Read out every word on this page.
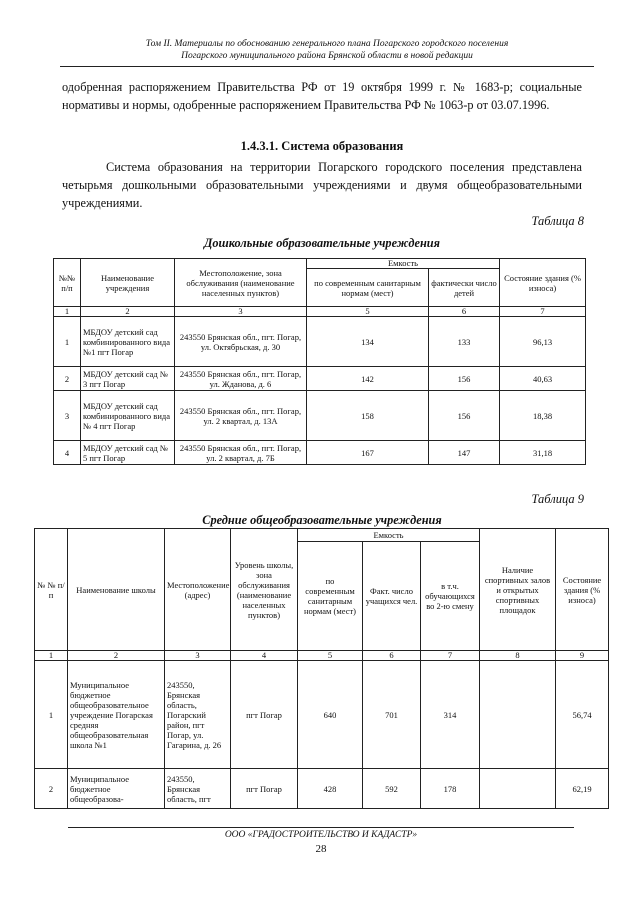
Том II. Материалы по обоснованию генерального плана Погарского городского поселения
Погарского муниципального района Брянской области в новой редакции
одобренная распоряжением Правительства РФ от 19 октября 1999 г. № 1683-р; социальные нормативы и нормы, одобренные распоряжением Правительства РФ № 1063-р от 03.07.1996.
1.4.3.1. Система образования
Система образования на территории Погарского городского поселения представлена четырьмя дошкольными образовательными учреждениями и двумя общеобразовательными учреждениями.
Таблица 8
Дошкольные образовательные учреждения
№№ п/п	Наименование учреждения	Местоположение, зона обслуживания (наименование населенных пунктов)	Емкость		Состояние здания (% износа)
			по современным санитарным нормам (мест)	фактически число детей	
1	2	3	5	6	7
1	МБДОУ детский сад комбинированного вида №1 пгт Погар	243550 Брянская обл., пгт. Погар, ул. Октябрьская, д. 30	134	133	96,13
2	МБДОУ детский сад № 3 пгт Погар	243550 Брянская обл., пгт. Погар, ул. Жданова, д. 6	142	156	40,63
3	МБДОУ детский сад комбинированного вида № 4 пгт Погар	243550 Брянская обл., пгт. Погар, ул. 2 квартал, д. 13А	158	156	18,38
4	МБДОУ детский сад № 5 пгт Погар	243550 Брянская обл., пгт. Погар, ул. 2 квартал, д. 7Б	167	147	31,18
Таблица 9
Средние общеобразовательные учреждения
№ № п/п	Наименование школы	Местоположение (адрес)	Уровень школы, зона обслуживания (наименование населенных пунктов)	Емкость			Наличие спортивных залов и открытых спортивных площадок	Состояние здания (% износа)
				по современным санитарным нормам (мест)	Факт. число учащихся чел.	в т.ч. обучающихся во 2-ю смену		
1	2	3	4	5	6	7	8	9
1	Муниципальное бюджетное общеобразовательное учреждение Погарская средняя общеобразовательная школа №1	243550, Брянская область, Погарский район, пгт Погар, ул. Гагарина, д. 26	пгт Погар	640	701	314		56,74
2	Муниципальное бюджетное общеобразова-	243550, Брянская область, пгт	пгт Погар	428	592	178		62,19
ООО «ГРАДОСТРОИТЕЛЬСТВО И КАДАСТР»
28
